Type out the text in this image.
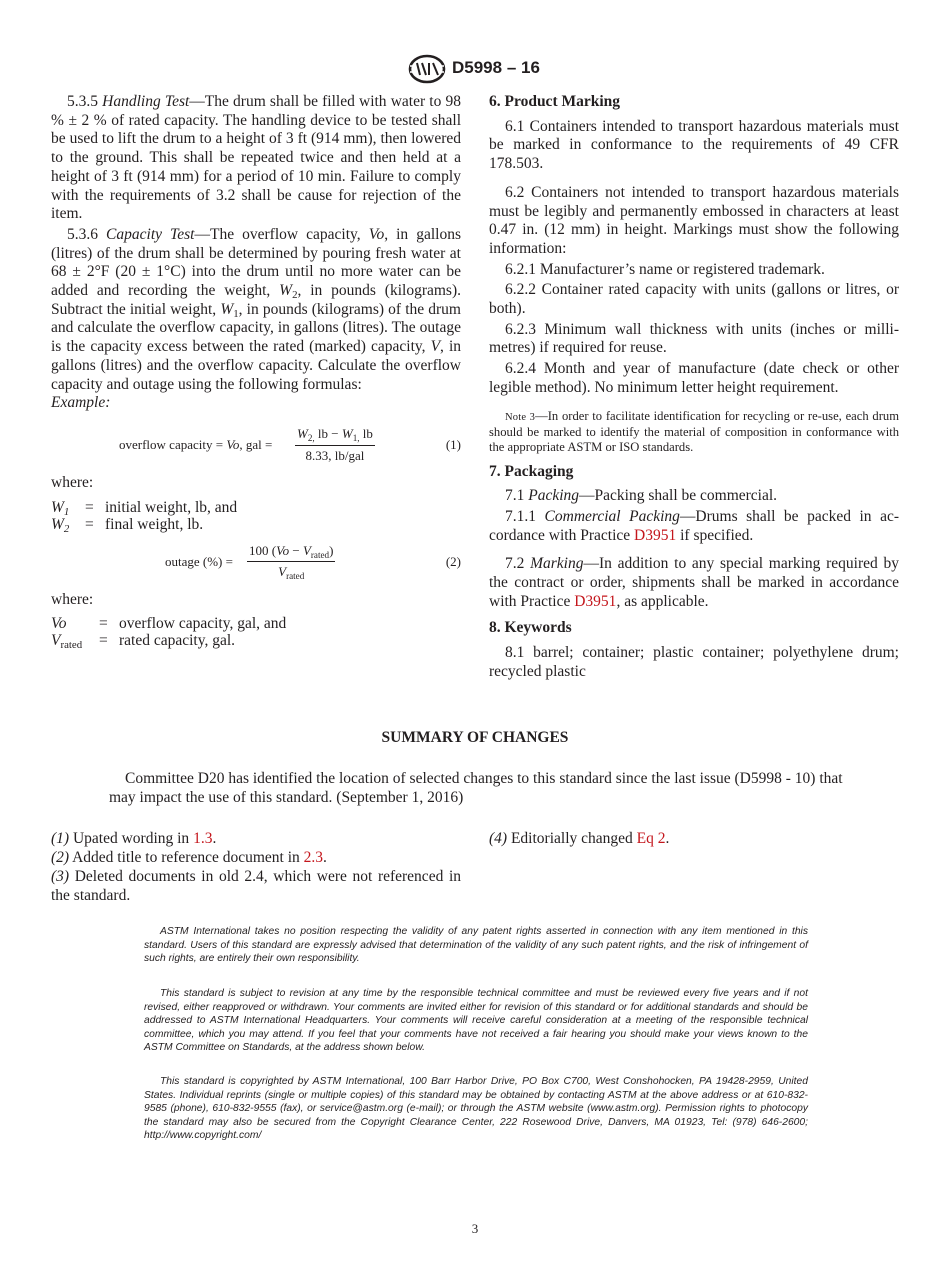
D5998 – 16
5.3.5 Handling Test—The drum shall be filled with water to 98 % ± 2 % of rated capacity. The handling device to be tested shall be used to lift the drum to a height of 3 ft (914 mm), then lowered to the ground. This shall be repeated twice and then held at a height of 3 ft (914 mm) for a period of 10 min. Failure to comply with the requirements of 3.2 shall be cause for rejection of the item.
5.3.6 Capacity Test—The overflow capacity, Vo, in gallons (litres) of the drum shall be determined by pouring fresh water at 68 ± 2°F (20 ± 1°C) into the drum until no more water can be added and recording the weight, $W_2$, in pounds (kilograms). Subtract the initial weight, $W_1$, in pounds (kilograms) of the drum and calculate the overflow capacity, in gallons (litres). The outage is the capacity excess between the rated (marked) capacity, V, in gallons (litres) and the overflow capacity. Calculate the overflow capacity and outage using the following formulas:
Example:
overflow capacity = Vo, gal =
$W_{2,}$ lb − $W_{1,}$ lb
8.33, lb/gal
(1)
where:
$W_1$	=	initial weight, lb, and
$W_2$	=	final weight, lb.
outage (%) =
100 $(Vo - V_{rated})$
$V_{rated}$
(2)
where:
Vo	=	overflow capacity, gal, and
$V_{rated}$	=	rated capacity, gal.
6. Product Marking
6.1 Containers intended to transport hazardous materials must be marked in conformance to the requirements of 49 CFR 178.503.
6.2 Containers not intended to transport hazardous materials must be legibly and permanently embossed in characters at least 0.47 in. (12 mm) in height. Markings must show the following information:
6.2.1 Manufacturer’s name or registered trademark.
6.2.2 Container rated capacity with units (gallons or litres, or both).
6.2.3 Minimum wall thickness with units (inches or milli-metres) if required for reuse.
6.2.4 Month and year of manufacture (date check or other legible method). No minimum letter height requirement.
Note 3—In order to facilitate identification for recycling or re-use, each drum should be marked to identify the material of composition in conformance with the appropriate ASTM or ISO standards.
7. Packaging
7.1 Packing—Packing shall be commercial.
7.1.1 Commercial Packing—Drums shall be packed in ac-cordance with Practice D3951 if specified.
7.2 Marking—In addition to any special marking required by the contract or order, shipments shall be marked in accordance with Practice D3951, as applicable.
8. Keywords
8.1 barrel; container; plastic container; polyethylene drum; recycled plastic
SUMMARY OF CHANGES
Committee D20 has identified the location of selected changes to this standard since the last issue (D5998 - 10) that may impact the use of this standard. (September 1, 2016)
(1) Upated wording in 1.3.
(2) Added title to reference document in 2.3.
(3) Deleted documents in old 2.4, which were not referenced in the standard.
(4) Editorially changed Eq 2.
ASTM International takes no position respecting the validity of any patent rights asserted in connection with any item mentioned in this standard. Users of this standard are expressly advised that determination of the validity of any such patent rights, and the risk of infringement of such rights, are entirely their own responsibility.
This standard is subject to revision at any time by the responsible technical committee and must be reviewed every five years and if not revised, either reapproved or withdrawn. Your comments are invited either for revision of this standard or for additional standards and should be addressed to ASTM International Headquarters. Your comments will receive careful consideration at a meeting of the responsible technical committee, which you may attend. If you feel that your comments have not received a fair hearing you should make your views known to the ASTM Committee on Standards, at the address shown below.
This standard is copyrighted by ASTM International, 100 Barr Harbor Drive, PO Box C700, West Conshohocken, PA 19428-2959, United States. Individual reprints (single or multiple copies) of this standard may be obtained by contacting ASTM at the above address or at 610-832-9585 (phone), 610-832-9555 (fax), or service@astm.org (e-mail); or through the ASTM website (www.astm.org). Permission rights to photocopy the standard may also be secured from the Copyright Clearance Center, 222 Rosewood Drive, Danvers, MA 01923, Tel: (978) 646-2600; http://www.copyright.com/
3
